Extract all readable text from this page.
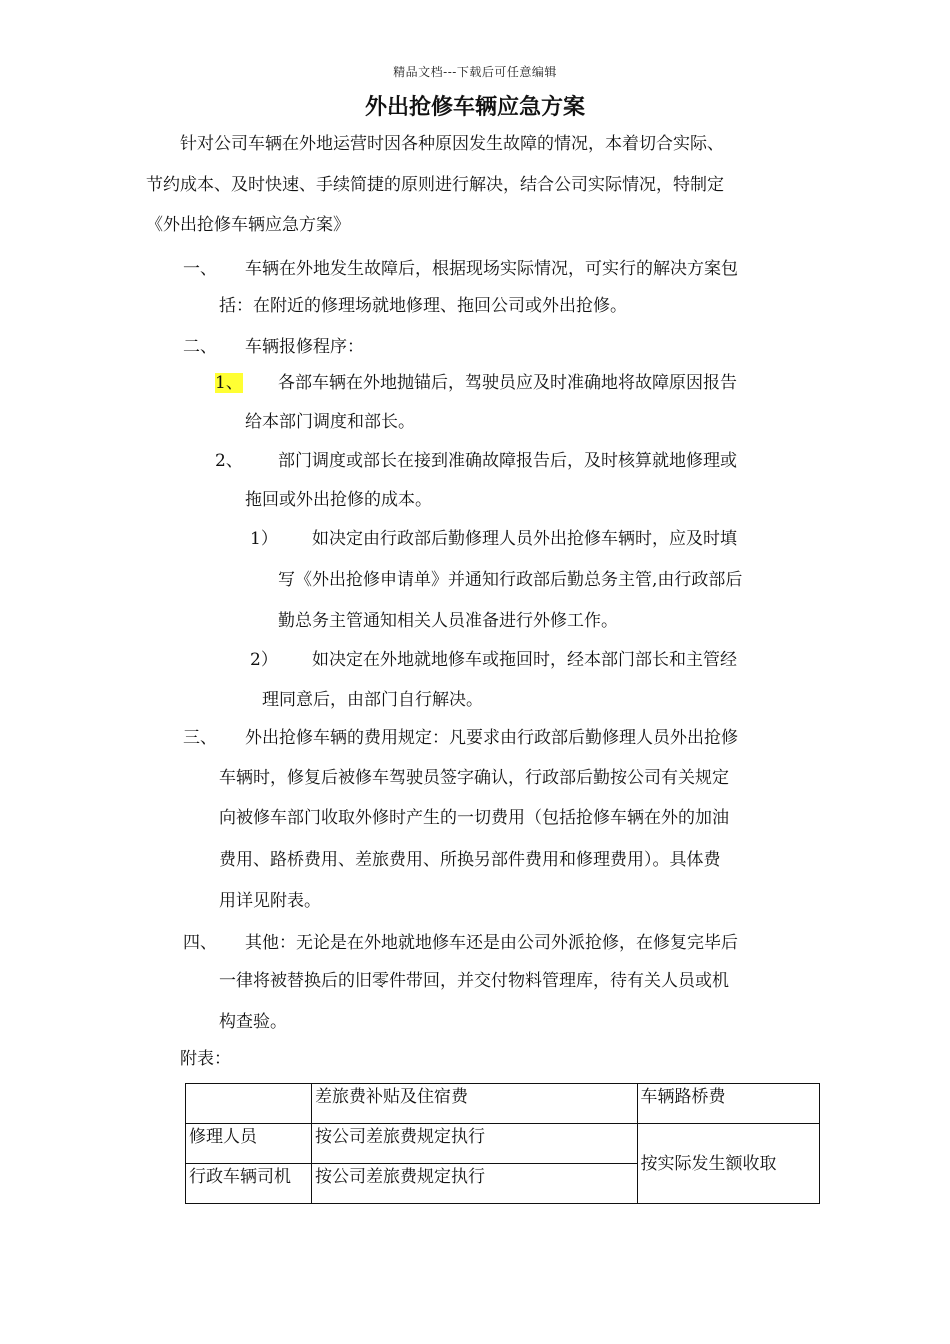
精品文档---下载后可任意编辑
外出抢修车辆应急方案
针对公司车辆在外地运营时因各种原因发生故障的情况，本着切合实际、
节约成本、及时快速、手续简捷的原则进行解决，结合公司实际情况，特制定
《外出抢修车辆应急方案》
一、 车辆在外地发生故障后，根据现场实际情况，可实行的解决方案包
括：在附近的修理场就地修理、拖回公司或外出抢修。
二、 车辆报修程序：
1、 各部车辆在外地抛锚后，驾驶员应及时准确地将故障原因报告
给本部门调度和部长。
2、 部门调度或部长在接到准确故障报告后，及时核算就地修理或
拖回或外出抢修的成本。
1） 如决定由行政部后勤修理人员外出抢修车辆时，应及时填
写《外出抢修申请单》并通知行政部后勤总务主管,由行政部后
勤总务主管通知相关人员准备进行外修工作。
2） 如决定在外地就地修车或拖回时，经本部门部长和主管经
理同意后，由部门自行解决。
三、 外出抢修车辆的费用规定：凡要求由行政部后勤修理人员外出抢修
车辆时，修复后被修车驾驶员签字确认，行政部后勤按公司有关规定
向被修车部门收取外修时产生的一切费用（包括抢修车辆在外的加油
费用、路桥费用、差旅费用、所换另部件费用和修理费用）。具体费
用详见附表。
四、 其他：无论是在外地就地修车还是由公司外派抢修，在修复完毕后
一律将被替换后的旧零件带回，并交付物料管理库，待有关人员或机
构查验。
附表：
	差旅费补贴及住宿费	车辆路桥费
修理人员	按公司差旅费规定执行	按实际发生额收取
行政车辆司机	按公司差旅费规定执行	
